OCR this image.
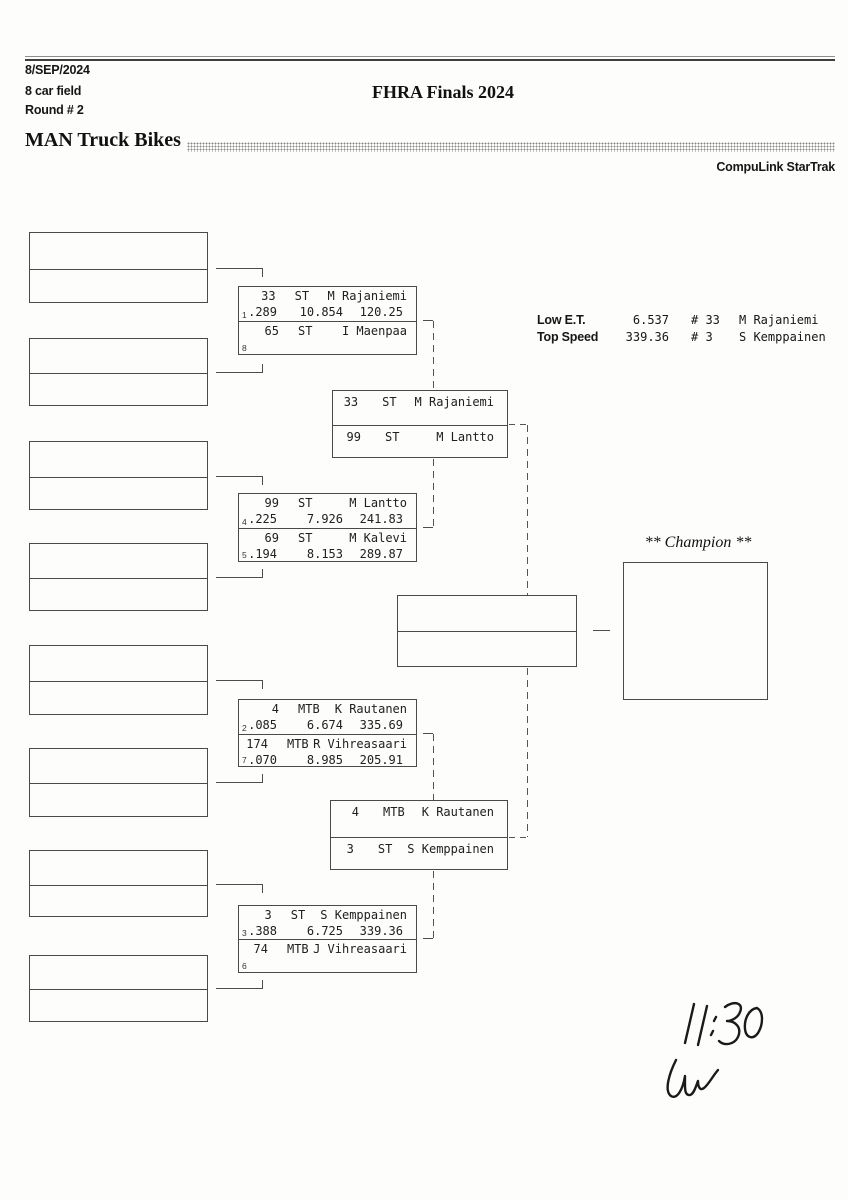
8/SEP/2024
8 car field
Round # 2
FHRA Finals 2024
MAN Truck Bikes
CompuLink StarTrak
Low E.T.	6.537 # 33	M Rajaniemi
Top Speed	339.36 # 3	S Kemppainen
33 ST	M Rajaniemi
.289	10.854	120.25
1
65 ST	I Maenpaa
8
99 ST	M Lantto
.225	7.926	241.83
4
69 ST	M Kalevi
.194	8.153	289.87
5
4 MTB	K Rautanen
.085	6.674	335.69
2
174 MTB R Vihreasaari
.070	8.985	205.91
7
3 ST	S Kemppainen
.388	6.725	339.36
3
74 MTB J Vihreasaari
6
33 ST	M Rajaniemi
99 ST	M Lantto
4 MTB	K Rautanen
3 ST	S Kemppainen
** Champion **
